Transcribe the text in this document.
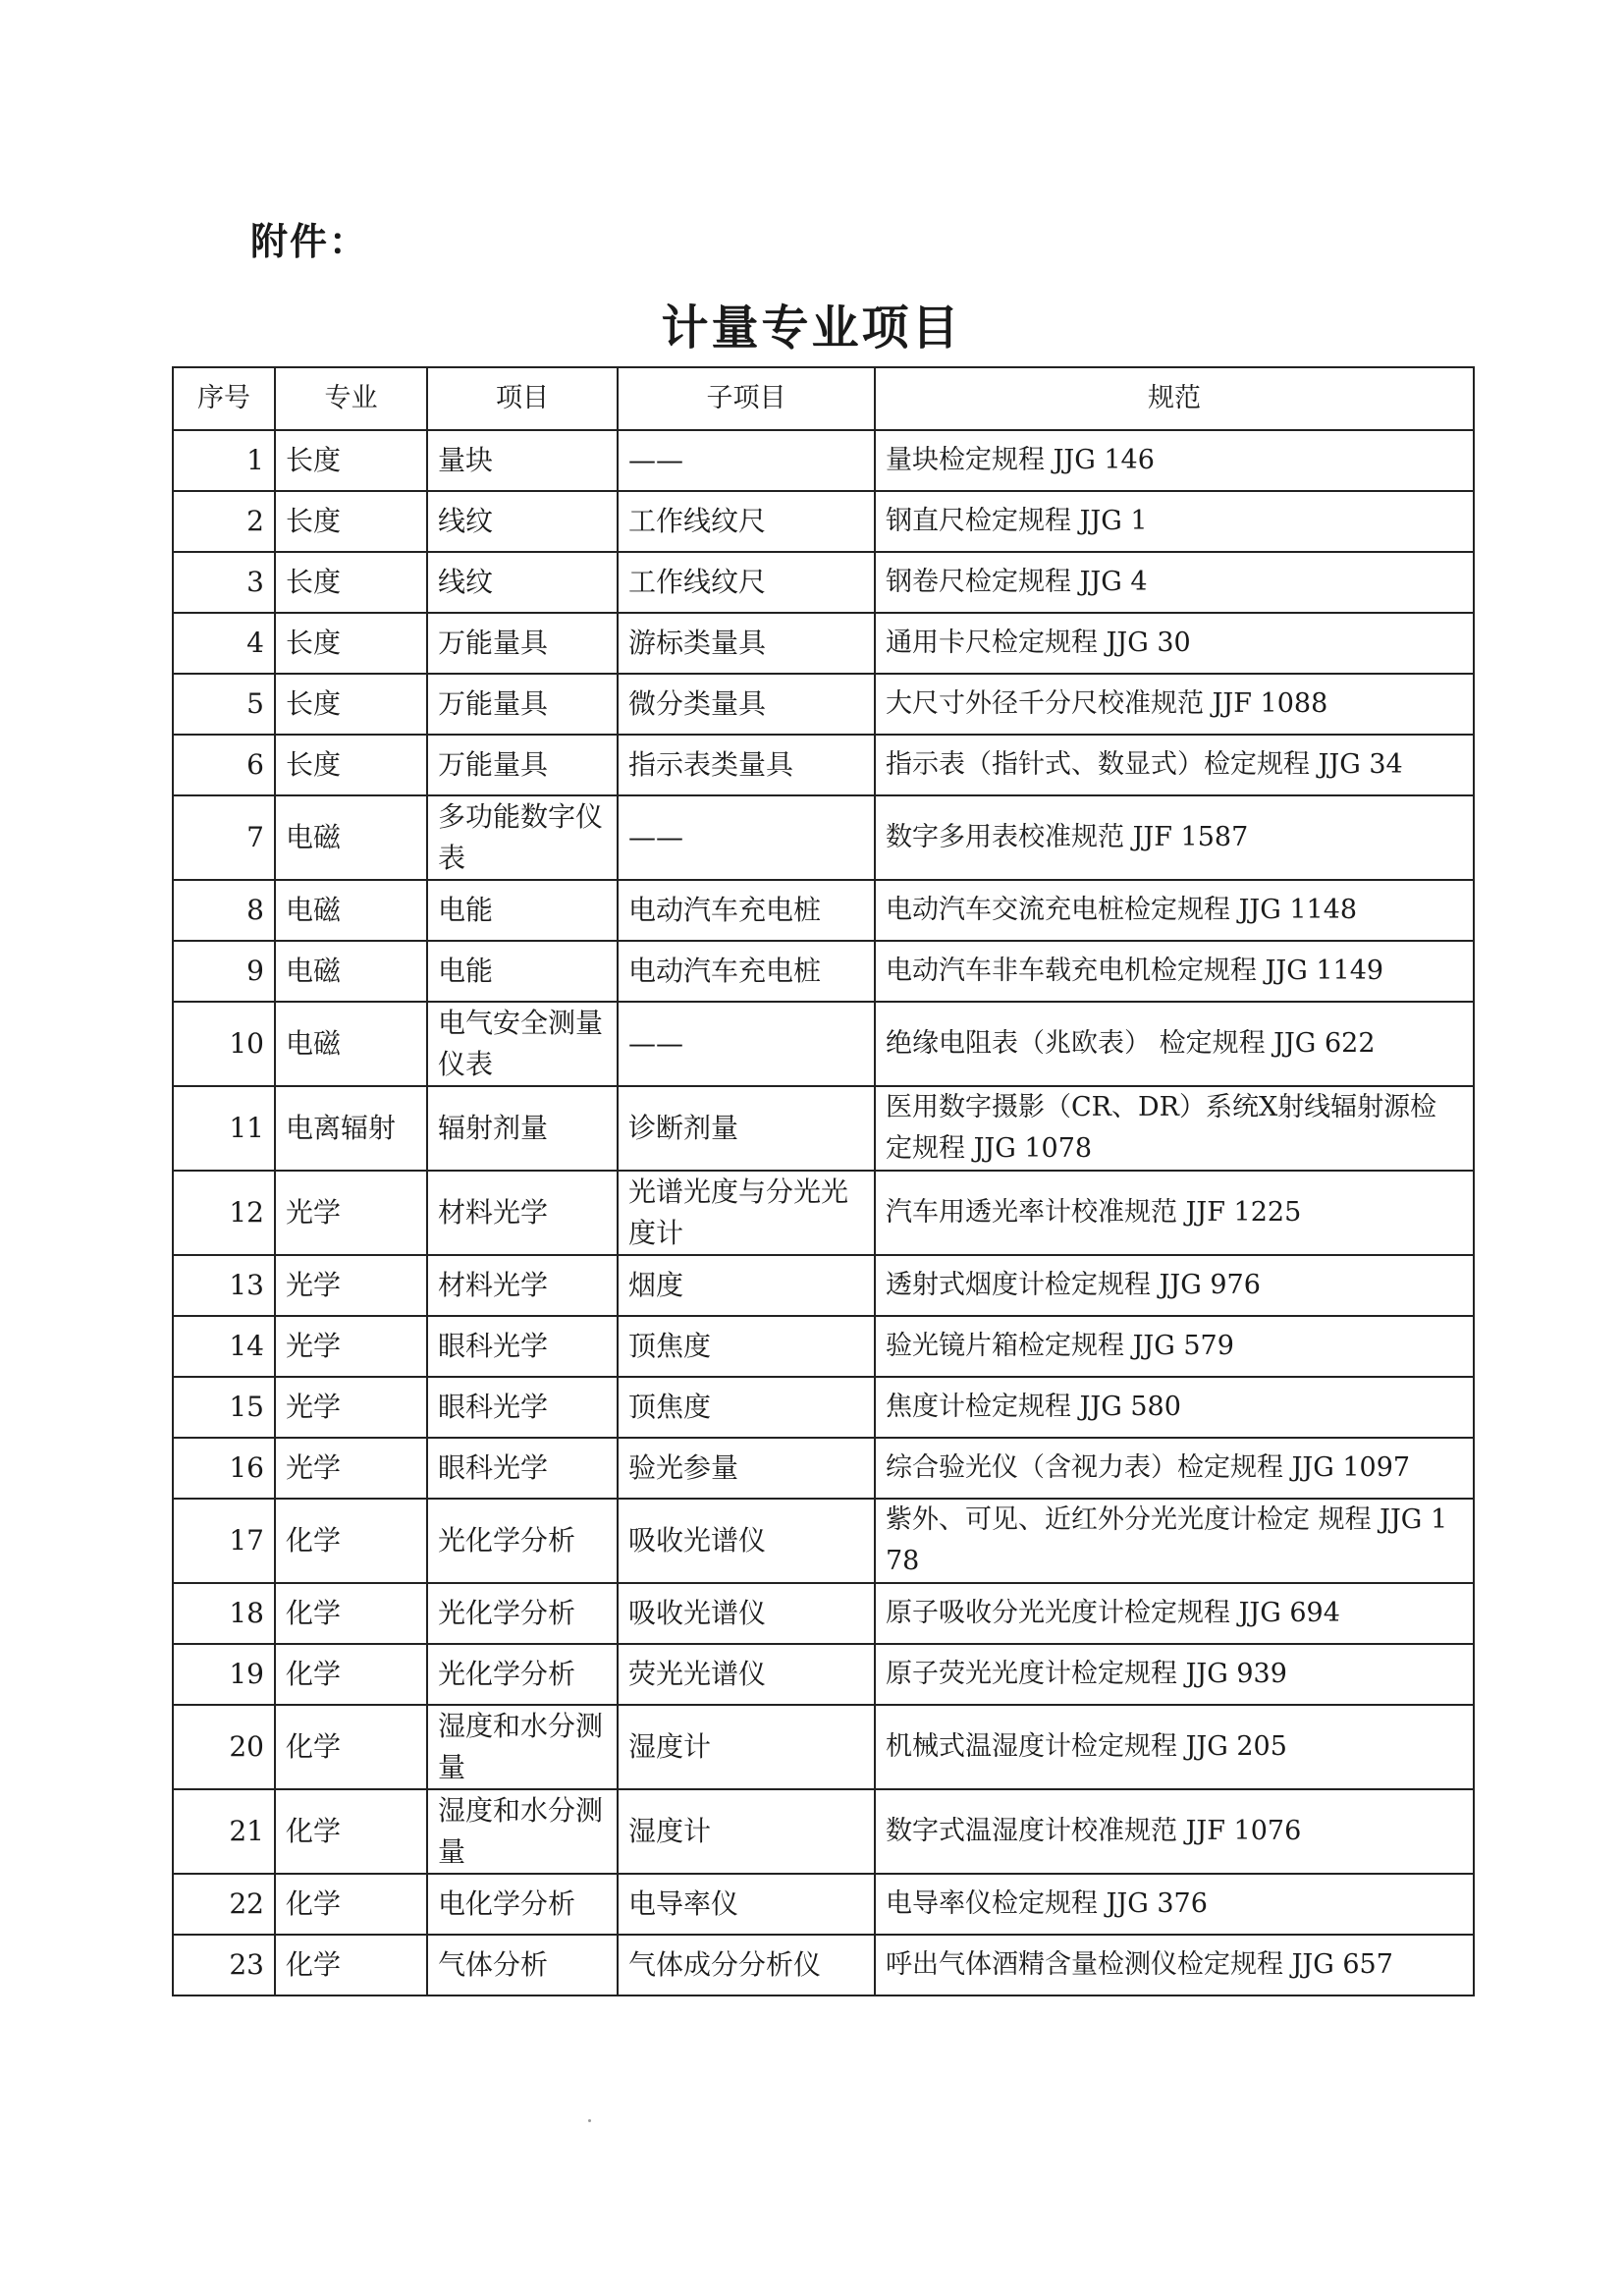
附件：
计量专业项目
序号	专业	项目	子项目	规范
1	长度	量块	——	量块检定规程 JJG 146
2	长度	线纹	工作线纹尺	钢直尺检定规程 JJG 1
3	长度	线纹	工作线纹尺	钢卷尺检定规程 JJG 4
4	长度	万能量具	游标类量具	通用卡尺检定规程 JJG 30
5	长度	万能量具	微分类量具	大尺寸外径千分尺校准规范 JJF 1088
6	长度	万能量具	指示表类量具	指示表（指针式、数显式）检定规程 JJG 34
7	电磁	多功能数字仪表	——	数字多用表校准规范 JJF 1587
8	电磁	电能	电动汽车充电桩	电动汽车交流充电桩检定规程 JJG 1148
9	电磁	电能	电动汽车充电桩	电动汽车非车载充电机检定规程 JJG 1149
10	电磁	电气安全测量仪表	——	绝缘电阻表（兆欧表） 检定规程 JJG 622
11	电离辐射	辐射剂量	诊断剂量	医用数字摄影（CR、DR）系统X射线辐射源检定规程 JJG 1078
12	光学	材料光学	光谱光度与分光光度计	汽车用透光率计校准规范 JJF 1225
13	光学	材料光学	烟度	透射式烟度计检定规程 JJG 976
14	光学	眼科光学	顶焦度	验光镜片箱检定规程 JJG 579
15	光学	眼科光学	顶焦度	焦度计检定规程 JJG 580
16	光学	眼科光学	验光参量	综合验光仪（含视力表）检定规程 JJG 1097
17	化学	光化学分析	吸收光谱仪	紫外、可见、近红外分光光度计检定 规程 JJG 178
18	化学	光化学分析	吸收光谱仪	原子吸收分光光度计检定规程 JJG 694
19	化学	光化学分析	荧光光谱仪	原子荧光光度计检定规程 JJG 939
20	化学	湿度和水分测量	湿度计	机械式温湿度计检定规程 JJG 205
21	化学	湿度和水分测量	湿度计	数字式温湿度计校准规范 JJF 1076
22	化学	电化学分析	电导率仪	电导率仪检定规程 JJG 376
23	化学	气体分析	气体成分分析仪	呼出气体酒精含量检测仪检定规程 JJG 657
